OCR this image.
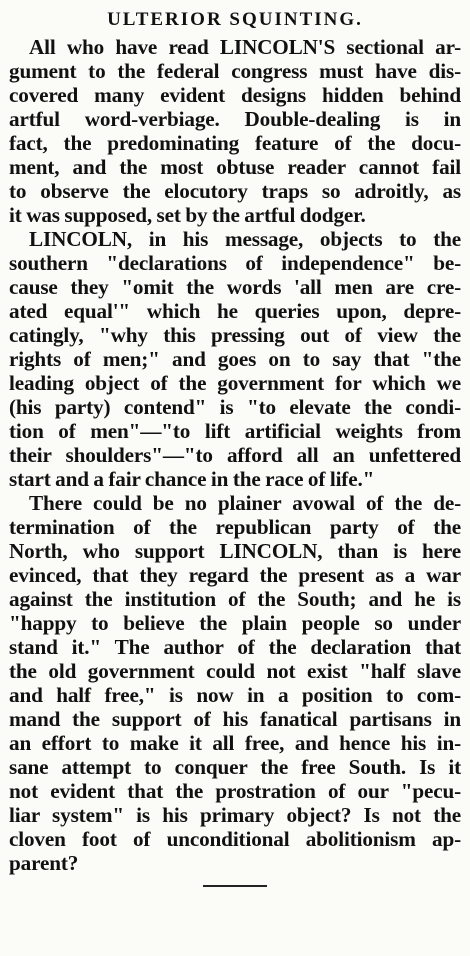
ULTERIOR SQUINTING.
All who have read LINCOLN'S sectional ar-
gument to the federal congress must have dis-
covered many evident designs hidden behind
artful word-verbiage. Double-dealing is in
fact, the predominating feature of the docu-
ment, and the most obtuse reader cannot fail
to observe the elocutory traps so adroitly, as
it was supposed, set by the artful dodger.
LINCOLN, in his message, objects to the
southern "declarations of independence" be-
cause they "omit the words 'all men are cre-
ated equal'" which he queries upon, depre-
catingly, "why this pressing out of view the
rights of men;" and goes on to say that "the
leading object of the government for which we
(his party) contend" is "to elevate the condi-
tion of men"—"to lift artificial weights from
their shoulders"—"to afford all an unfettered
start and a fair chance in the race of life."
There could be no plainer avowal of the de-
termination of the republican party of the
North, who support LINCOLN, than is here
evinced, that they regard the present as a war
against the institution of the South; and he is
"happy to believe the plain people so under
stand it." The author of the declaration that
the old government could not exist "half slave
and half free," is now in a position to com-
mand the support of his fanatical partisans in
an effort to make it all free, and hence his in-
sane attempt to conquer the free South. Is it
not evident that the prostration of our "pecu-
liar system" is his primary object? Is not the
cloven foot of unconditional abolitionism ap-
parent?
